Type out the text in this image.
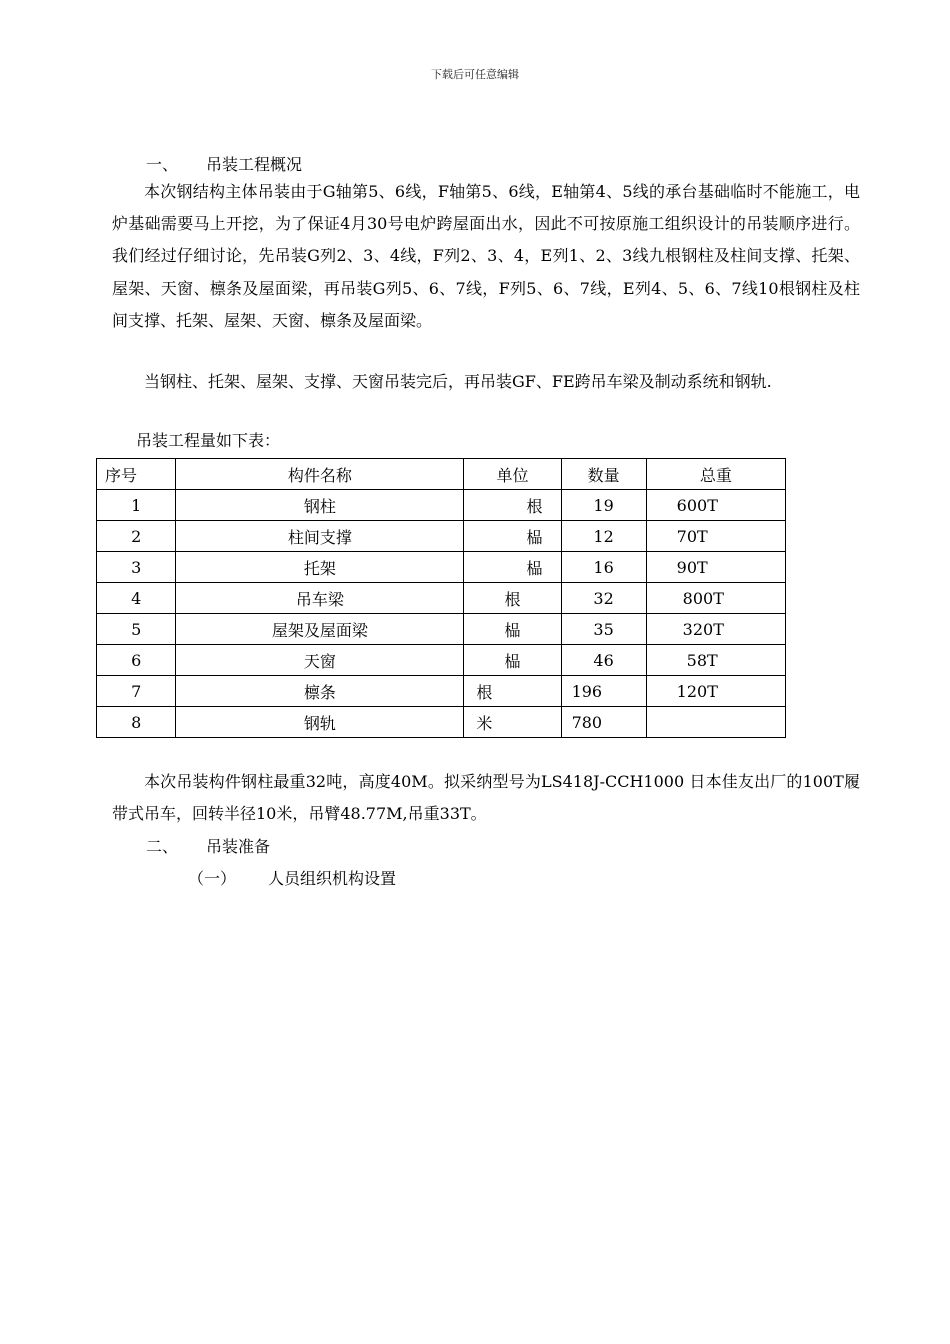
下载后可任意编辑
一、 吊装工程概况
本次钢结构主体吊装由于G轴第5、6线，F轴第5、6线，E轴第4、5线的承台基础临时不能施工，电炉基础需要马上开挖，为了保证4月30号电炉跨屋面出水，因此不可按原施工组织设计的吊装顺序进行。我们经过仔细讨论，先吊装G列2、3、4线，F列2、3、4，E列1、2、3线九根钢柱及柱间支撑、托架、屋架、天窗、檩条及屋面梁，再吊装G列5、6、7线，F列5、6、7线，E列4、5、6、7线10根钢柱及柱间支撑、托架、屋架、天窗、檩条及屋面梁。
当钢柱、托架、屋架、支撑、天窗吊装完后，再吊装GF、FE跨吊车梁及制动系统和钢轨.
吊装工程量如下表：
序号	构件名称	单位	数量	总重
1	钢柱	根	19	600T
2	柱间支撑	榀	12	70T
3	托架	榀	16	90T
4	吊车梁	根	32	800T
5	屋架及屋面梁	榀	35	320T
6	天窗	榀	46	58T
7	檩条	根	196	120T
8	钢轨	米	780	
本次吊装构件钢柱最重32吨，高度40M。拟采纳型号为LS418J-CCH1000 日本佳友出厂的100T履带式吊车，回转半径10米，吊臂48.77M,吊重33T。
二、 吊装准备
（一） 人员组织机构设置
